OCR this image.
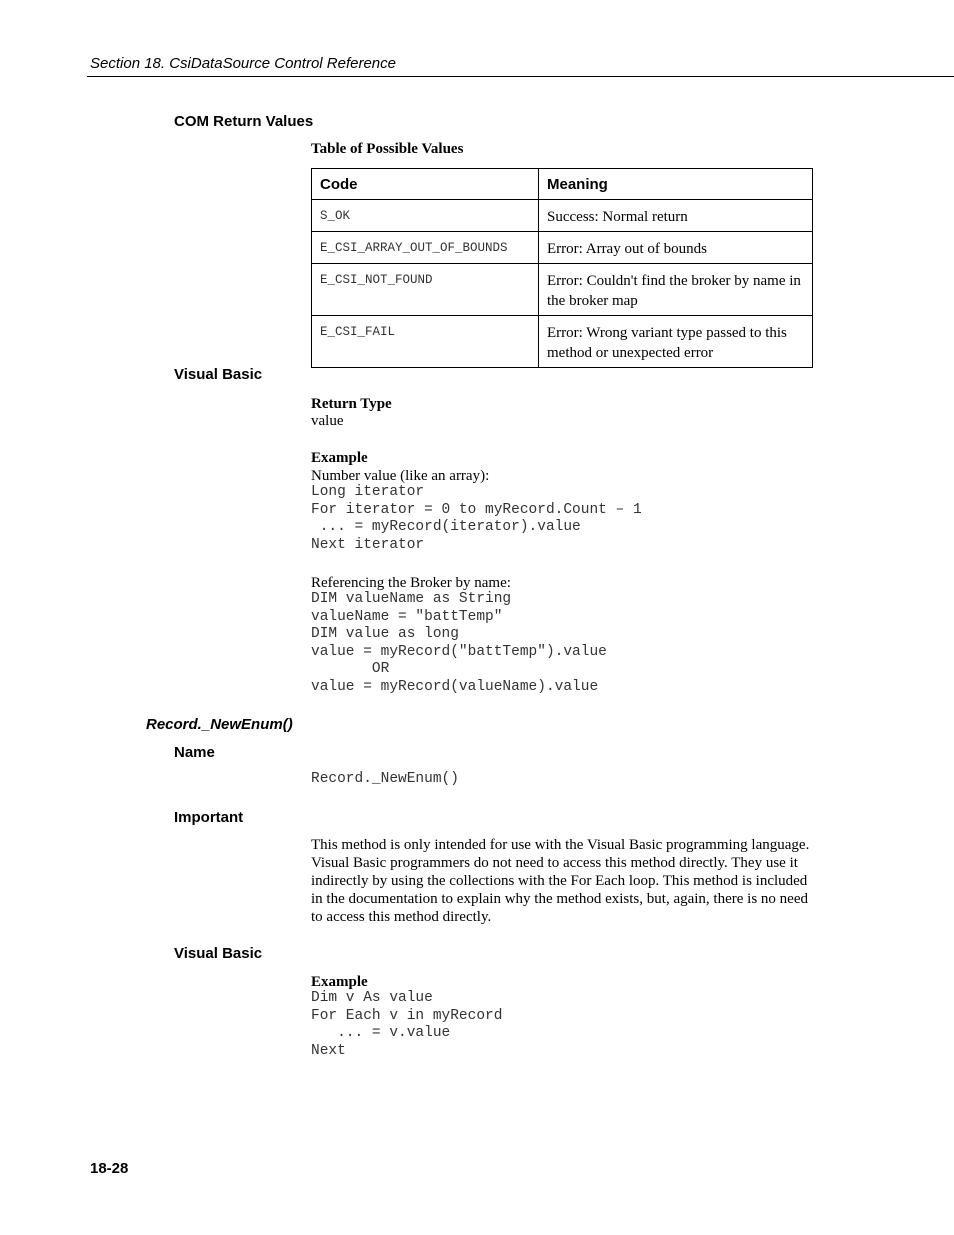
Section 18. CsiDataSource Control Reference
COM Return Values
Table of Possible Values
Code	Meaning
S_OK	Success: Normal return
E_CSI_ARRAY_OUT_OF_BOUNDS	Error: Array out of bounds
E_CSI_NOT_FOUND	Error: Couldn't find the broker by name in the broker map
E_CSI_FAIL	Error: Wrong variant type passed to this method or unexpected error
Visual Basic
Return Type
value
Example
Number value (like an array):
Long iterator
For iterator = 0 to myRecord.Count – 1
... = myRecord(iterator).value
Next iterator
Referencing the Broker by name:
DIM valueName as String
valueName = "battTemp"
DIM value as long
value = myRecord("battTemp").value
OR
value = myRecord(valueName).value
Record._NewEnum()
Name
Record._NewEnum()
Important
This method is only intended for use with the Visual Basic programming language. Visual Basic programmers do not need to access this method directly. They use it indirectly by using the collections with the For Each loop. This method is included in the documentation to explain why the method exists, but, again, there is no need to access this method directly.
Visual Basic
Example
Dim v As value
For Each v in myRecord
... = v.value
Next
18-28
